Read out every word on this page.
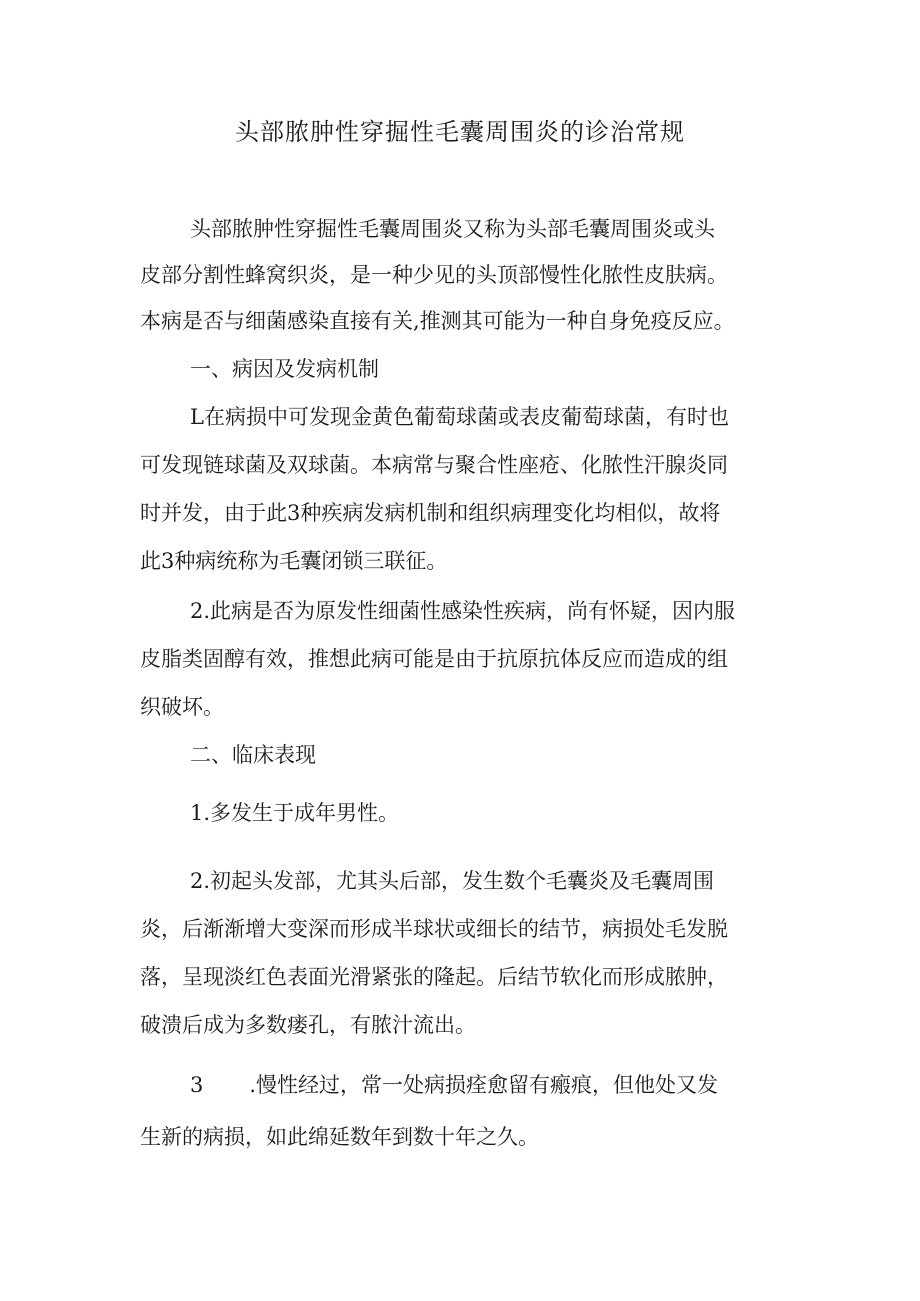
头部脓肿性穿掘性毛囊周围炎的诊治常规
头部脓肿性穿掘性毛囊周围炎又称为头部毛囊周围炎或头
皮部分割性蜂窝织炎，是一种少见的头顶部慢性化脓性皮肤病。
本病是否与细菌感染直接有关,推测其可能为一种自身免疫反应。
一、病因及发病机制
L在病损中可发现金黄色葡萄球菌或表皮葡萄球菌，有时也
可发现链球菌及双球菌。本病常与聚合性座疮、化脓性汗腺炎同
时并发，由于此3种疾病发病机制和组织病理变化均相似，故将
此3种病统称为毛囊闭锁三联征。
2.此病是否为原发性细菌性感染性疾病，尚有怀疑，因内服
皮脂类固醇有效，推想此病可能是由于抗原抗体反应而造成的组
织破坏。
二、临床表现
1.多发生于成年男性。
2.初起头发部，尤其头后部，发生数个毛囊炎及毛囊周围
炎，后渐渐增大变深而形成半球状或细长的结节，病损处毛发脱
落，呈现淡红色表面光滑紧张的隆起。后结节软化而形成脓肿，
破溃后成为多数瘘孔，有脓汁流出。
3 .慢性经过，常一处病损痊愈留有瘢痕，但他处又发
生新的病损，如此绵延数年到数十年之久。
